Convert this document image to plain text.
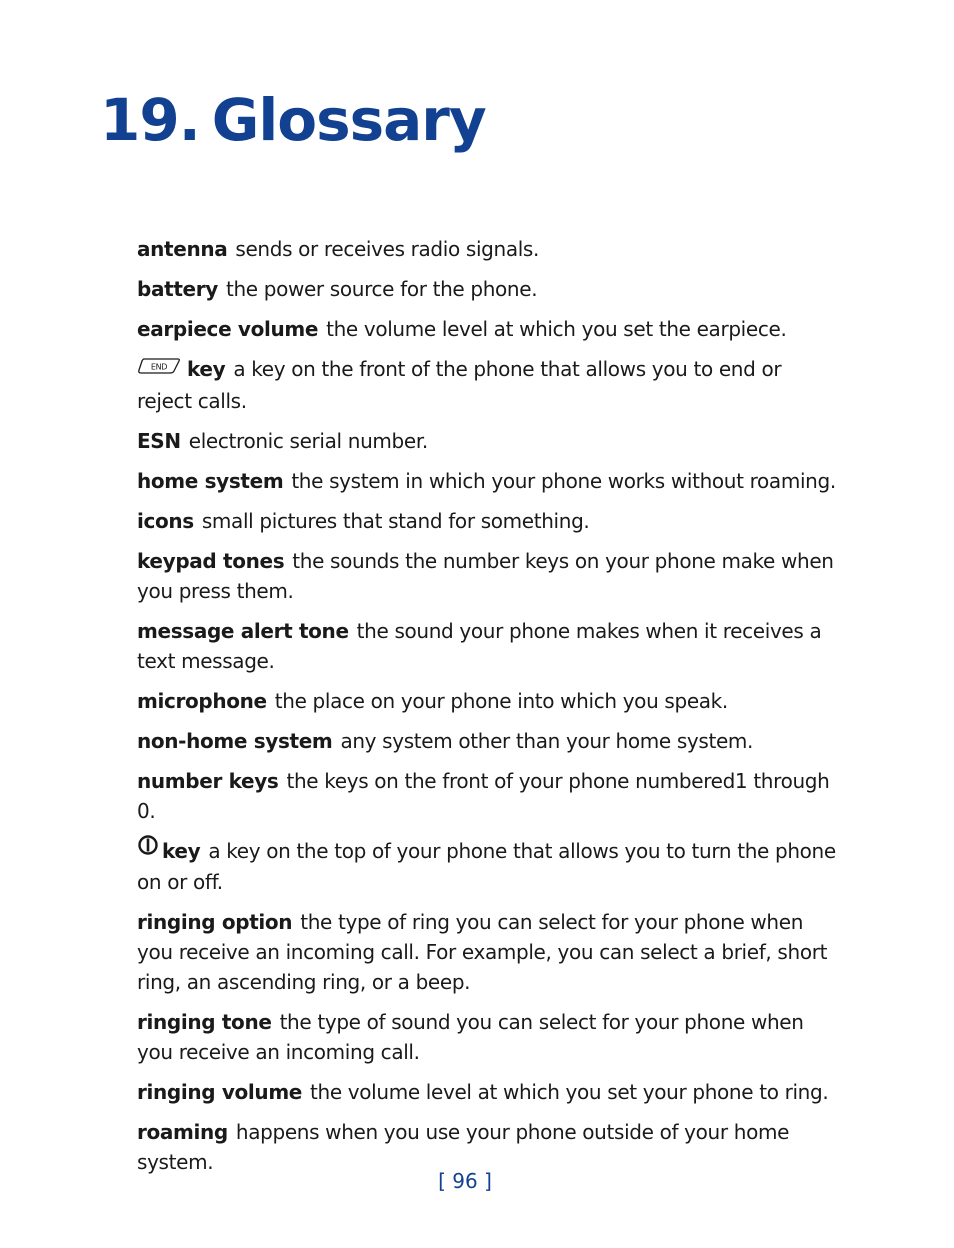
19. Glossary

antenna sends or receives radio signals.

battery the power source for the phone.

earpiece volume the volume level at which you set the earpiece.

END key a key on the front of the phone that allows you to end or reject calls.

ESN electronic serial number.

home system the system in which your phone works without roaming.

icons small pictures that stand for something.

keypad tones the sounds the number keys on your phone make when you press them.

message alert tone the sound your phone makes when it receives a text message.

microphone the place on your phone into which you speak.

non-home system any system other than your home system.

number keys the keys on the front of your phone numbered1 through 0.

key a key on the top of your phone that allows you to turn the phone on or off.

ringing option the type of ring you can select for your phone when you receive an incoming call. For example, you can select a brief, short ring, an ascending ring, or a beep.

ringing tone the type of sound you can select for your phone when you receive an incoming call.

ringing volume the volume level at which you set your phone to ring.

roaming happens when you use your phone outside of your home system.

[ 96 ]
